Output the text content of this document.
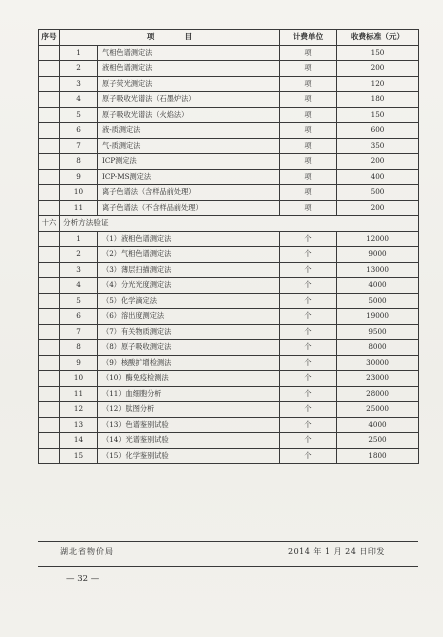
序号	项　　　　目		计费单位	收费标准（元）
	1	气相色谱测定法	项	150
	2	液相色谱测定法	项	200
	3	原子荧光测定法	项	120
	4	原子吸收光谱法（石墨炉法）	项	180
	5	原子吸收光谱法（火焰法）	项	150
	6	液-质测定法	项	600
	7	气-质测定法	项	350
	8	ICP测定法	项	200
	9	ICP-MS测定法	项	400
	10	离子色谱法（含样品前处理）	项	500
	11	离子色谱法（不含样品前处理）	项	200
十六	分析方法验证			
	1	（1）液相色谱测定法	个	12000
	2	（2）气相色谱测定法	个	9000
	3	（3）薄层扫描测定法	个	13000
	4	（4）分光光度测定法	个	4000
	5	（5）化学滴定法	个	5000
	6	（6）溶出度测定法	个	19000
	7	（7）有关物质测定法	个	9500
	8	（8）原子吸收测定法	个	8000
	9	（9）核酸扩增检测法	个	30000
	10	（10）酶免疫检测法	个	23000
	11	（11）血细胞分析	个	28000
	12	（12）肽图分析	个	25000
	13	（13）色谱鉴别试验	个	4000
	14	（14）光谱鉴别试验	个	2500
	15	（15）化学鉴别试验	个	1800
湖北省物价局	2014 年 1 月 24 日印发
— 32 —
